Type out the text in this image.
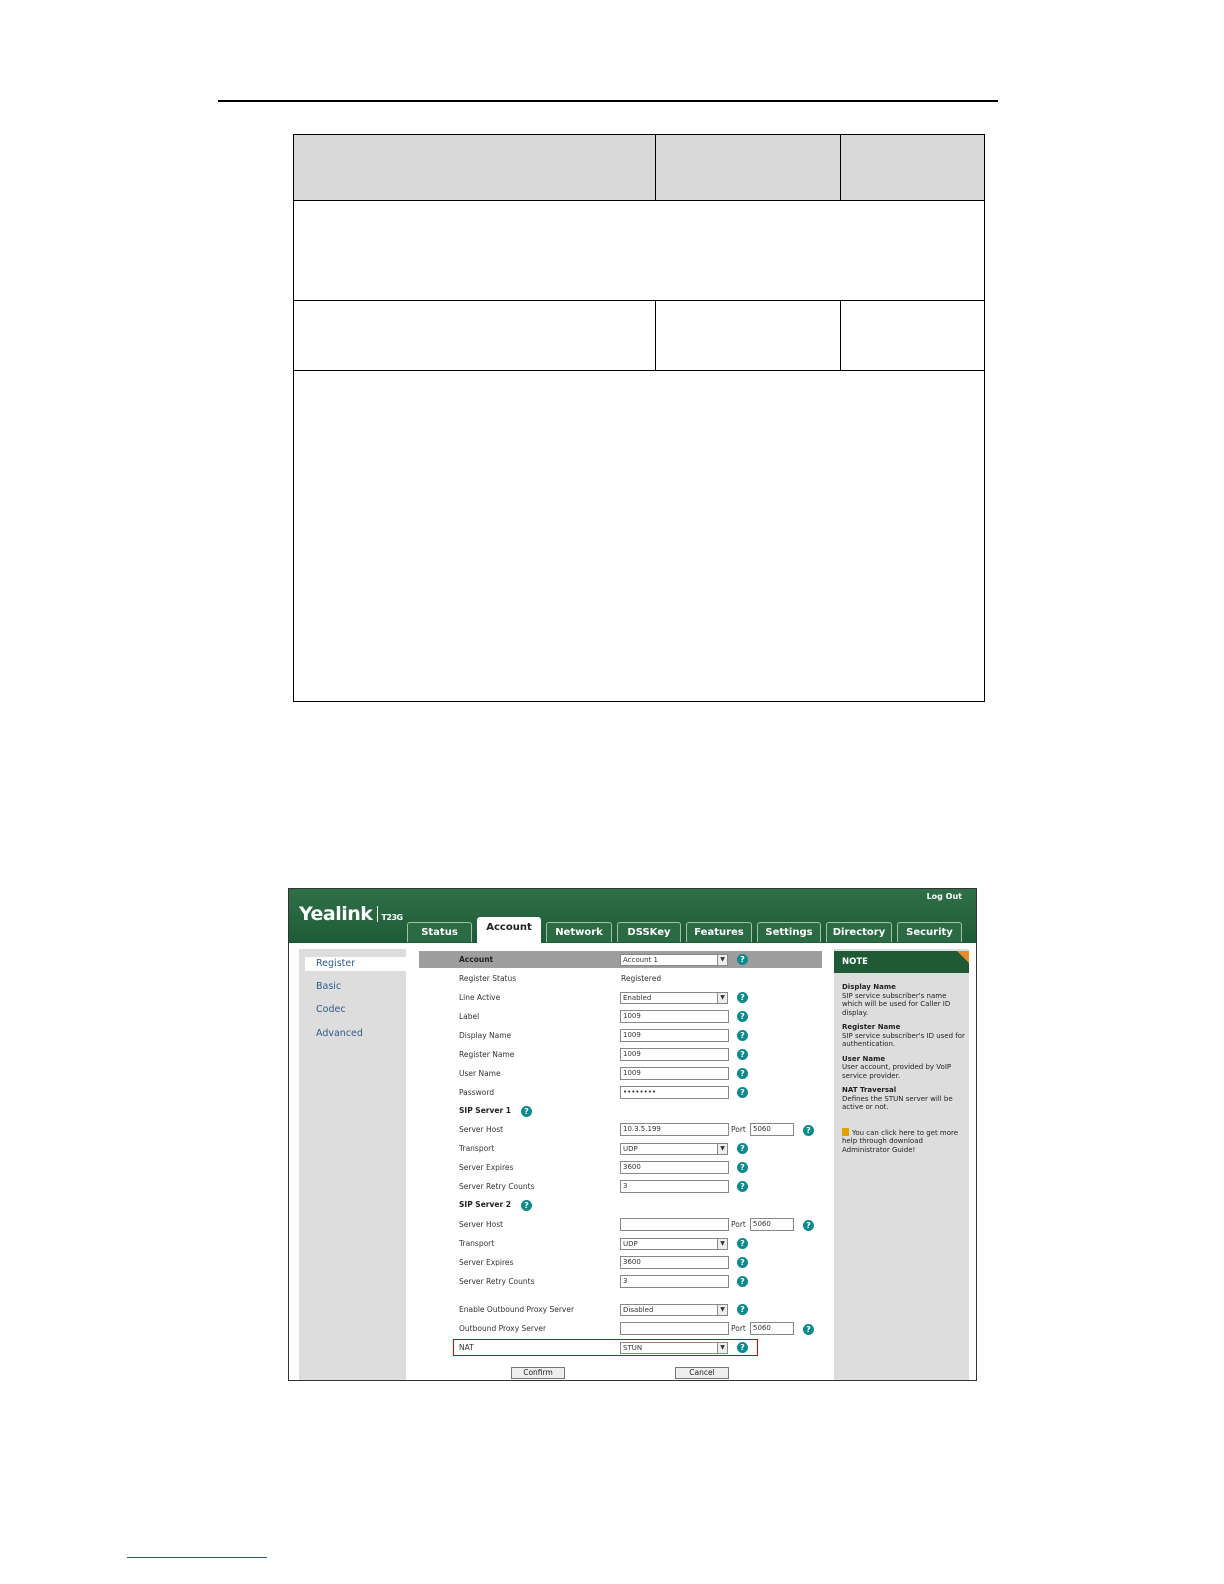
Yealink T23G
Log Out
Status	Account	Network	DSSKey	Features	Settings	Directory	Security
Register
Basic
Codec
Advanced
Account	Account 1	▼	?
Register Status	Registered
Line Active	Enabled	▼	?
Label	1009	?
Display Name	1009	?
Register Name	1009	?
User Name	1009	?
Password	••••••••	?
SIP Server 1	?
Server Host	10.3.5.199	Port	5060	?
Transport	UDP	▼	?
Server Expires	3600	?
Server Retry Counts	3	?
SIP Server 2	?
Server Host	Port	5060	?
Transport	UDP	▼	?
Server Expires	3600	?
Server Retry Counts	3	?
Enable Outbound Proxy Server	Disabled	▼	?
Outbound Proxy Server	Port	5060	?
NAT	STUN	▼	?
Confirm	Cancel
NOTE
Display Name
SIP service subscriber's name which will be used for Caller ID display.
Register Name
SIP service subscriber's ID used for authentication.
User Name
User account, provided by VoIP service provider.
NAT Traversal
Defines the STUN server will be active or not.
You can click here to get more help through download Administrator Guide!
